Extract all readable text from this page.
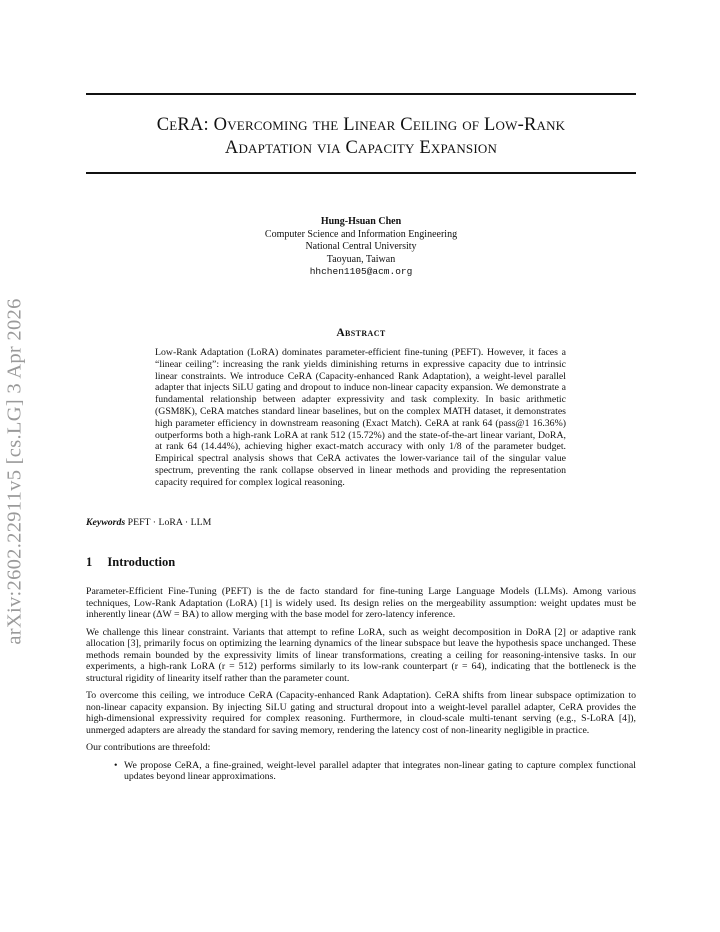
arXiv:2602.22911v5 [cs.LG] 3 Apr 2026
CeRA: Overcoming the Linear Ceiling of Low-Rank
Adaptation via Capacity Expansion
Hung-Hsuan Chen
Computer Science and Information Engineering
National Central University
Taoyuan, Taiwan
hhchen1105@acm.org
Abstract
Low-Rank Adaptation (LoRA) dominates parameter-efficient fine-tuning (PEFT). However, it faces a “linear ceiling”: increasing the rank yields diminishing returns in expressive capacity due to intrinsic linear constraints. We introduce CeRA (Capacity-enhanced Rank Adaptation), a weight-level parallel adapter that injects SiLU gating and dropout to induce non-linear capacity expansion. We demonstrate a fundamental relationship between adapter expressivity and task complexity. In basic arithmetic (GSM8K), CeRA matches standard linear baselines, but on the complex MATH dataset, it demonstrates high parameter efficiency in downstream reasoning (Exact Match). CeRA at rank 64 (pass@1 16.36%) outperforms both a high-rank LoRA at rank 512 (15.72%) and the state-of-the-art linear variant, DoRA, at rank 64 (14.44%), achieving higher exact-match accuracy with only 1/8 of the parameter budget. Empirical spectral analysis shows that CeRA activates the lower-variance tail of the singular value spectrum, preventing the rank collapse observed in linear methods and providing the representation capacity required for complex logical reasoning.
Keywords PEFT · LoRA · LLM
1 Introduction

Parameter-Efficient Fine-Tuning (PEFT) is the de facto standard for fine-tuning Large Language Models (LLMs). Among various techniques, Low-Rank Adaptation (LoRA) [1] is widely used. Its design relies on the mergeability assumption: weight updates must be inherently linear (ΔW = BA) to allow merging with the base model for zero-latency inference.

We challenge this linear constraint. Variants that attempt to refine LoRA, such as weight decomposition in DoRA [2] or adaptive rank allocation [3], primarily focus on optimizing the learning dynamics of the linear subspace but leave the hypothesis space unchanged. These methods remain bounded by the expressivity limits of linear transformations, creating a ceiling for reasoning-intensive tasks. In our experiments, a high-rank LoRA (r = 512) performs similarly to its low-rank counterpart (r = 64), indicating that the bottleneck is the structural rigidity of linearity itself rather than the parameter count.

To overcome this ceiling, we introduce CeRA (Capacity-enhanced Rank Adaptation). CeRA shifts from linear subspace optimization to non-linear capacity expansion. By injecting SiLU gating and structural dropout into a weight-level parallel adapter, CeRA provides the high-dimensional expressivity required for complex reasoning. Furthermore, in cloud-scale multi-tenant serving (e.g., S-LoRA [4]), unmerged adapters are already the standard for saving memory, rendering the latency cost of non-linearity negligible in practice.

Our contributions are threefold:

• We propose CeRA, a fine-grained, weight-level parallel adapter that integrates non-linear gating to capture complex functional updates beyond linear approximations.
